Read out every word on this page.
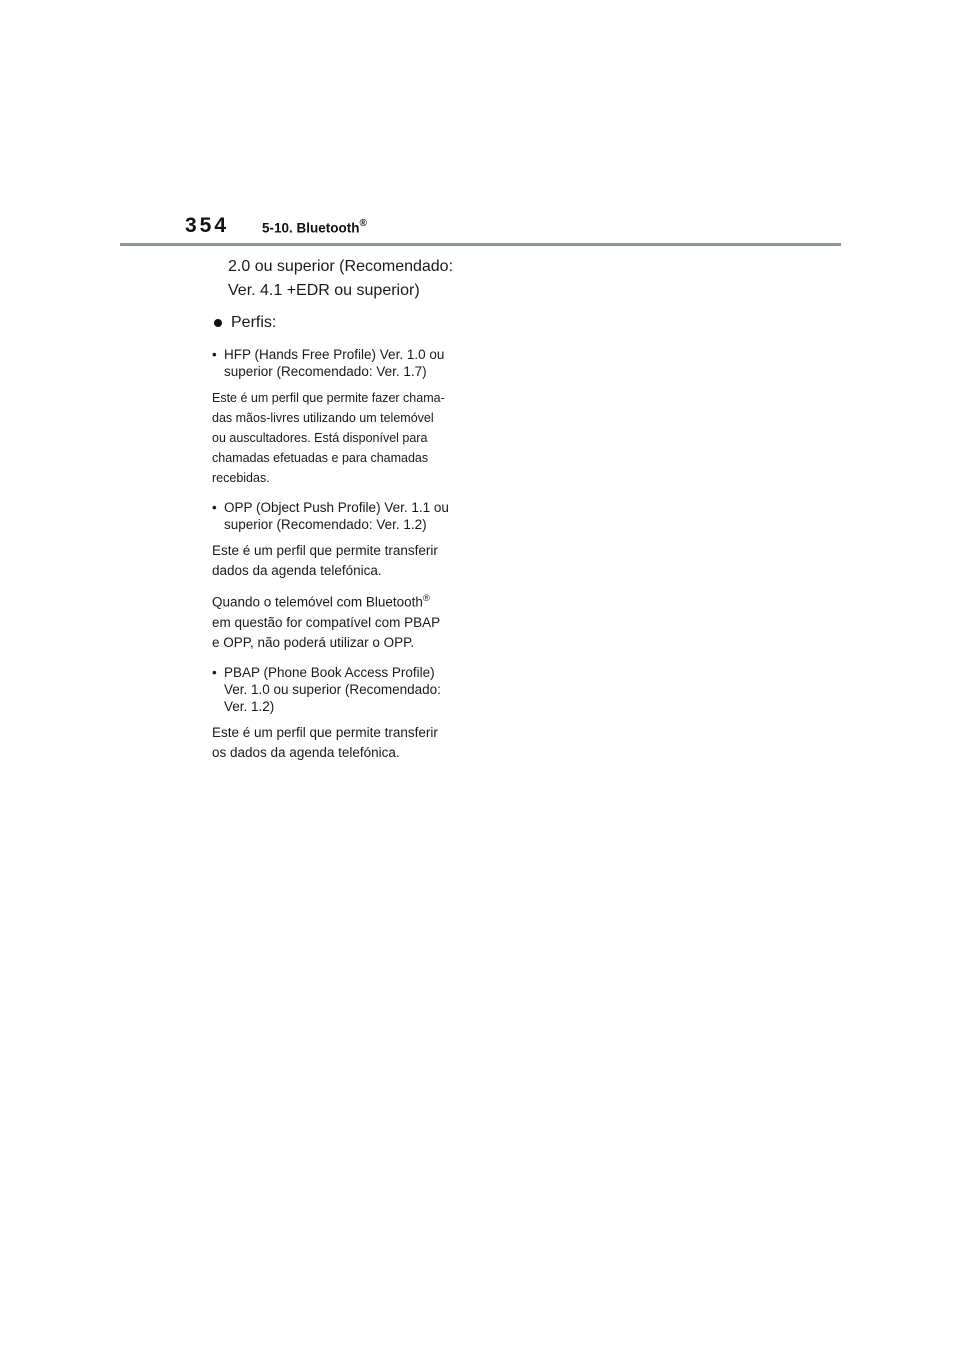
354 5-10. Bluetooth®
2.0 ou superior (Recomendado:
Ver. 4.1 +EDR ou superior)
Perfis:
• HFP (Hands Free Profile) Ver. 1.0 ou
superior (Recomendado: Ver. 1.7)
Este é um perfil que permite fazer chama-
das mãos-livres utilizando um telemóvel
ou auscultadores. Está disponível para
chamadas efetuadas e para chamadas
recebidas.
• OPP (Object Push Profile) Ver. 1.1 ou
superior (Recomendado: Ver. 1.2)
Este é um perfil que permite transferir
dados da agenda telefónica.
Quando o telemóvel com Bluetooth®
em questão for compatível com PBAP
e OPP, não poderá utilizar o OPP.
• PBAP (Phone Book Access Profile)
Ver. 1.0 ou superior (Recomendado:
Ver. 1.2)
Este é um perfil que permite transferir
os dados da agenda telefónica.
